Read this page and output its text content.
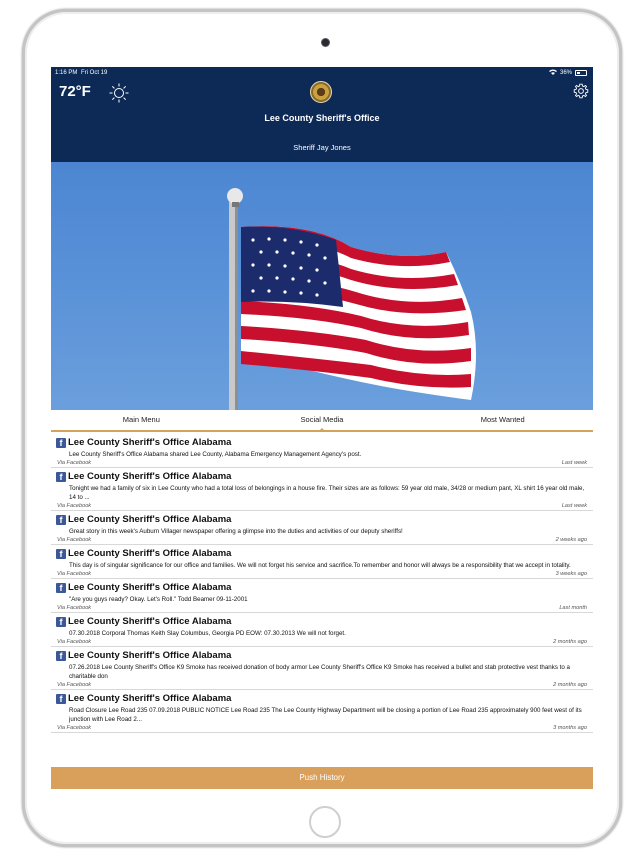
1:16 PM Fri Oct 19	36%
72°F
Lee County Sheriff's Office
Sheriff Jay Jones
Main Menu	Social Media	Most Wanted
f Lee County Sheriff's Office Alabama
Lee County Sheriff's Office Alabama shared Lee County, Alabama Emergency Management Agency's post.
Via Facebook	Last week
f Lee County Sheriff's Office Alabama
Tonight we had a family of six in Lee County who had a total loss of belongings in a house fire. Their sizes are as follows: 59 year old male, 34/28 or medium pant, XL shirt 16 year old male, 14 to ...
Via Facebook	Last week
f Lee County Sheriff's Office Alabama
Great story in this week's Auburn Villager newspaper offering a glimpse into the duties and activities of our deputy sheriffs!
Via Facebook	2 weeks ago
f Lee County Sheriff's Office Alabama
This day is of singular significance for our office and families. We will not forget his service and sacrifice.To remember and honor will always be a responsibility that we accept in totality.
Via Facebook	3 weeks ago
f Lee County Sheriff's Office Alabama
"Are you guys ready? Okay. Let's Roll." Todd Beamer 09-11-2001
Via Facebook	Last month
f Lee County Sheriff's Office Alabama
07.30.2018 Corporal Thomas Keith Slay Columbus, Georgia PD EOW: 07.30.2013 We will not forget.
Via Facebook	2 months ago
f Lee County Sheriff's Office Alabama
07.26.2018 Lee County Sheriff's Office K9 Smoke has received donation of body armor Lee County Sheriff's Office K9 Smoke has received a bullet and stab protective vest thanks to a charitable don
Via Facebook	2 months ago
f Lee County Sheriff's Office Alabama
Road Closure Lee Road 235 07.09.2018 PUBLIC NOTICE Lee Road 235 The Lee County Highway Department will be closing a portion of Lee Road 235 approximately 900 feet west of its junction with Lee Road 2...
Via Facebook	3 months ago
Push History
